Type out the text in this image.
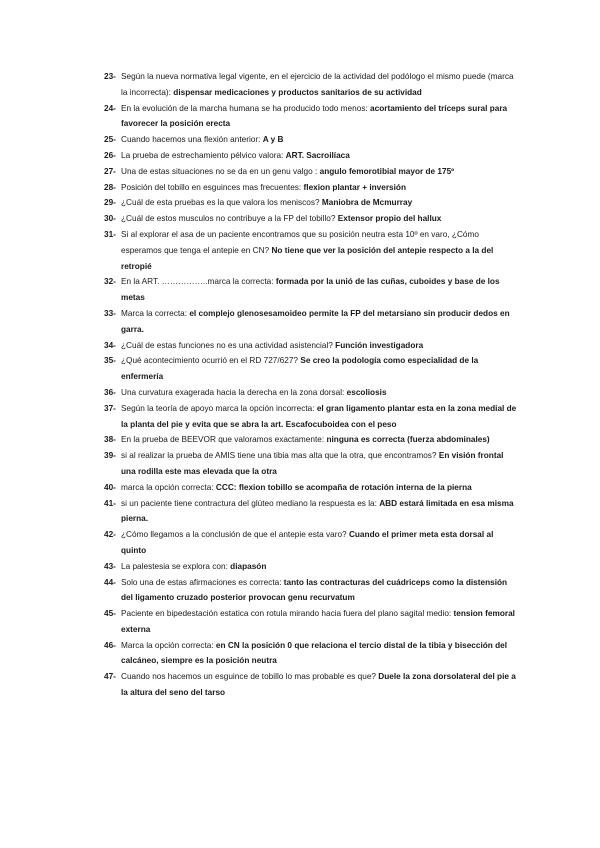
23- Según la nueva normativa legal vigente, en el ejercicio de la actividad del podólogo el mismo puede (marca la incorrecta): dispensar medicaciones y productos sanitarios de su actividad

24- En la evolución de la marcha humana se ha producido todo menos: acortamiento del tríceps sural para favorecer la posición erecta

25- Cuando hacemos una flexión anterior: A y B

26- La prueba de estrechamiento pélvico valora: ART. Sacroilíaca

27- Una de estas situaciones no se da en un genu valgo : angulo femorotibial mayor de 175º

28- Posición del tobillo en esguinces mas frecuentes: flexion plantar + inversión

29- ¿Cuál de esta pruebas es la que valora los meniscos? Maniobra de Mcmurray

30- ¿Cuál de estos musculos no contribuye a la FP del tobillo? Extensor propio del hallux

31- Si al explorar el asa de un paciente encontramos que su posición neutra esta 10º en varo, ¿Cómo esperamos que tenga el antepie en CN? No tiene que ver la posición del antepie respecto a la del retropié

32- En la ART. ……………..marca la correcta: formada por la unió de las cuñas, cuboides y base de los metas

33- Marca la correcta: el complejo glenosesamoideo permite la FP del metarsiano sin producir dedos en garra.

34- ¿Cuál de estas funciones no es una actividad asistencial? Función investigadora

35- ¿Qué acontecimiento ocurrió en el RD 727/627? Se creo la podología como especialidad de la enfermería

36- Una curvatura exagerada hacia la derecha en la zona dorsal: escoliosis

37- Según la teoría de apoyo marca la opción incorrecta: el gran ligamento plantar esta en la zona medial de la planta del pie y evita que se abra la art. Escafocuboidea con el peso

38- En la prueba de BEEVOR que valoramos exactamente: ninguna es correcta (fuerza abdominales)

39- si al realizar la prueba de AMIS tiene una tibia mas alta que la otra, que encontramos? En visión frontal una rodilla este mas elevada que la otra

40- marca la opción correcta: CCC: flexion tobillo se acompaña de rotación interna de la pierna

41- si un paciente tiene contractura del glúteo mediano la respuesta es la: ABD estará limitada en esa misma pierna.

42- ¿Cómo llegamos a la conclusión de que el antepie esta varo? Cuando el primer meta esta dorsal al quinto

43- La palestesia se explora con: diapasón

44- Solo una de estas afirmaciones es correcta: tanto las contracturas del cuádriceps como la distensión del ligamento cruzado posterior provocan genu recurvatum

45- Paciente en bipedestación estatica con rotula mirando hacia fuera del plano sagital medio: tension femoral externa

46- Marca la opción correcta: en CN la posición 0 que relaciona el tercio distal de la tibia y bisección del calcáneo, siempre es la posición neutra

47- Cuando nos hacemos un esguince de tobillo lo mas probable es que? Duele la zona dorsolateral del pie a la altura del seno del tarso
